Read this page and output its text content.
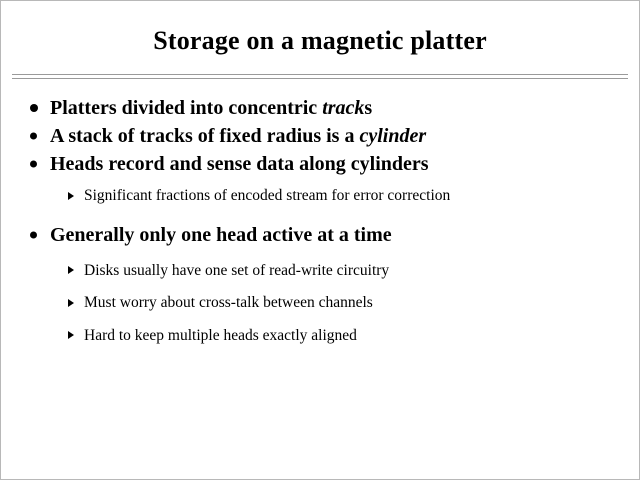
Storage on a magnetic platter
Platters divided into concentric tracks
A stack of tracks of fixed radius is a cylinder
Heads record and sense data along cylinders
Significant fractions of encoded stream for error correction
Generally only one head active at a time
Disks usually have one set of read-write circuitry
Must worry about cross-talk between channels
Hard to keep multiple heads exactly aligned
